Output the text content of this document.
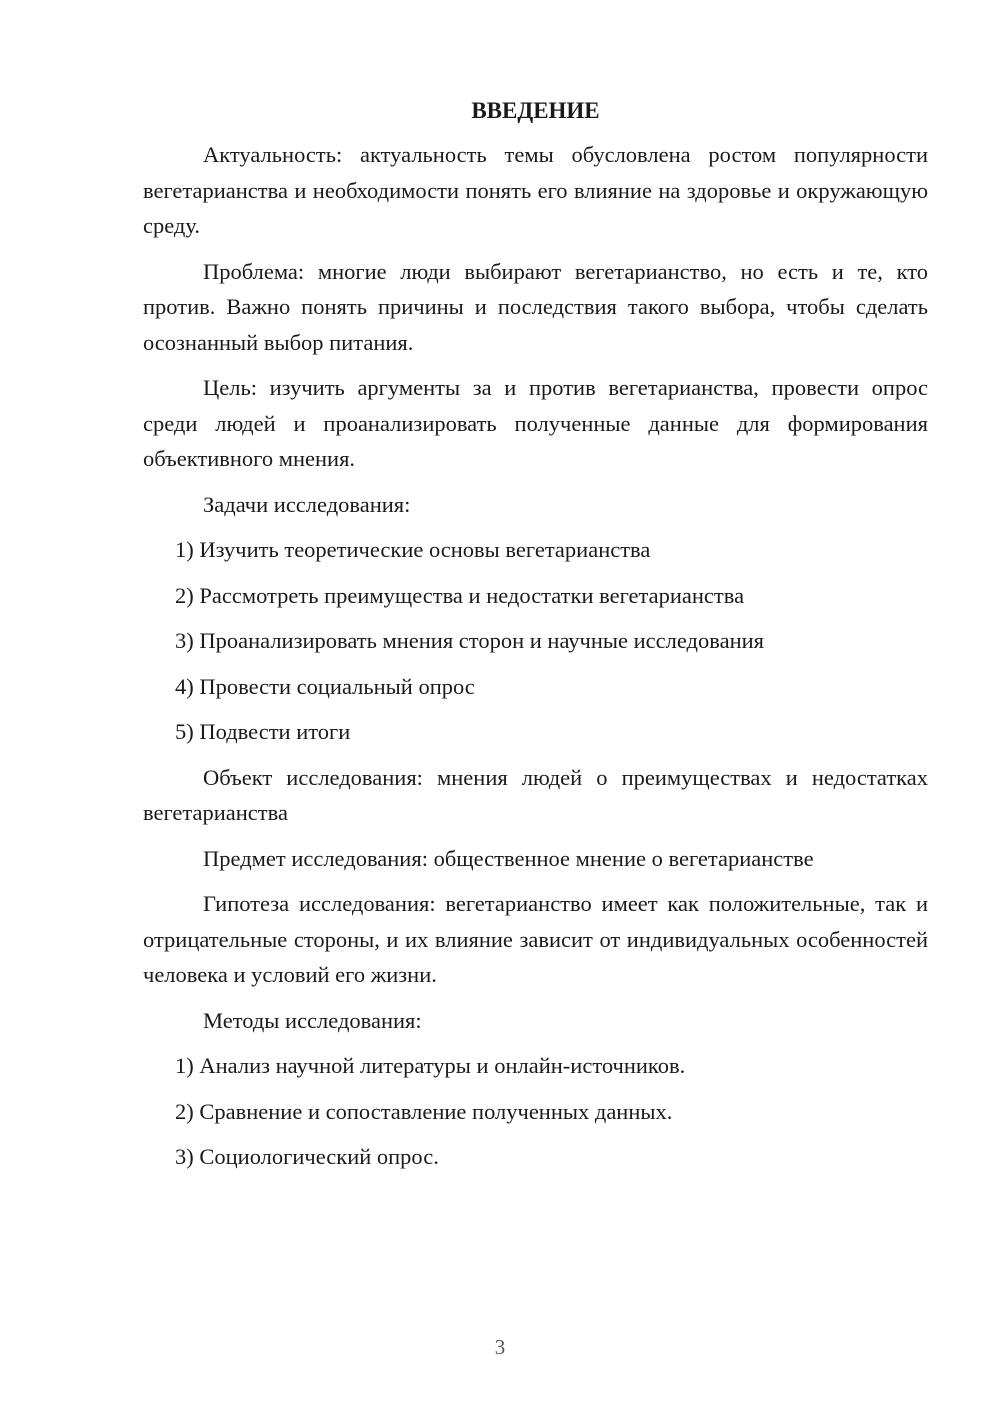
ВВЕДЕНИЕ
Актуальность: актуальность темы обусловлена ростом популярности вегетарианства и необходимости понять его влияние на здоровье и окружающую среду.
Проблема: многие люди выбирают вегетарианство, но есть и те, кто против. Важно понять причины и последствия такого выбора, чтобы сделать осознанный выбор питания.
Цель: изучить аргументы за и против вегетарианства, провести опрос среди людей и проанализировать полученные данные для формирования объективного мнения.
Задачи исследования:
1) Изучить теоретические основы вегетарианства
2) Рассмотреть преимущества и недостатки вегетарианства
3) Проанализировать мнения сторон и научные исследования
4) Провести социальный опрос
5) Подвести итоги
Объект исследования: мнения людей о преимуществах и недостатках вегетарианства
Предмет исследования: общественное мнение о вегетарианстве
Гипотеза исследования: вегетарианство имеет как положительные, так и отрицательные стороны, и их влияние зависит от индивидуальных особенностей человека и условий его жизни.
Методы исследования:
1) Анализ научной литературы и онлайн-источников.
2) Сравнение и сопоставление полученных данных.
3) Социологический опрос.
3
